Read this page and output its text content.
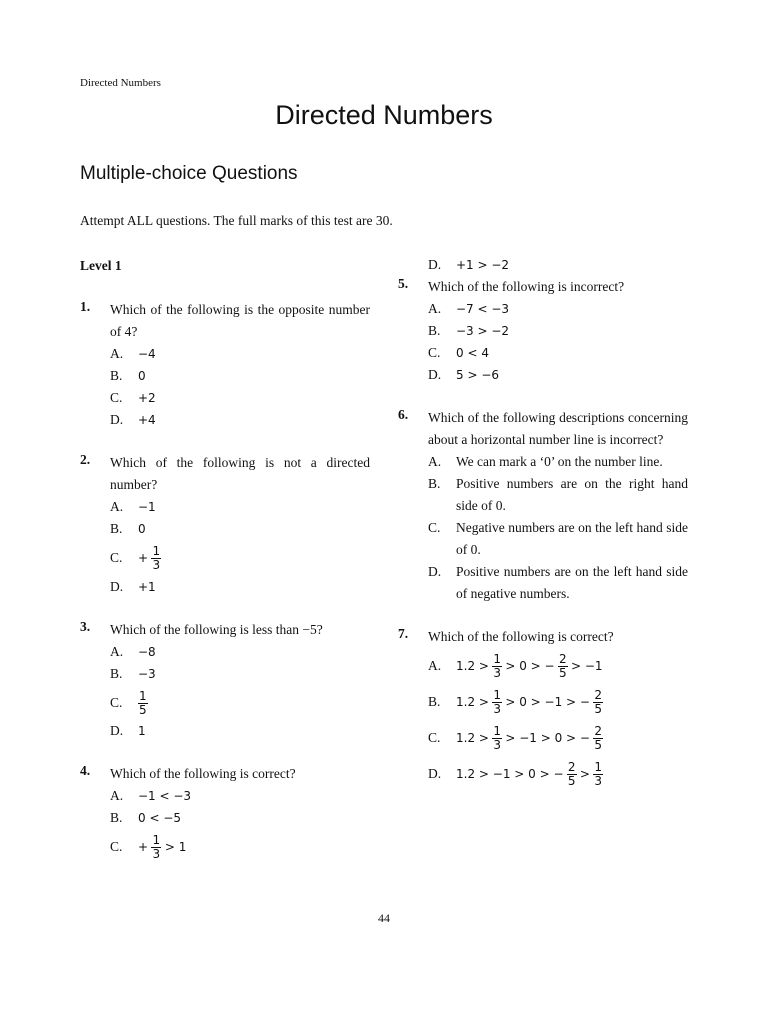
Directed Numbers
Directed Numbers
Multiple-choice Questions
Attempt ALL questions. The full marks of this test are 30.
Level 1
1. Which of the following is the opposite number of 4?
A. −4
B. 0
C. +2
D. +4
2. Which of the following is not a directed number?
A. −1
B. 0
C. + $\frac{1}{3}$
D. +1
3. Which of the following is less than −5?
A. −8
B. −3
C. $\frac{1}{5}$
D. 1
4. Which of the following is correct?
A. −1 < −3
B. 0 < −5
C. + $\frac{1}{3} > 1$
D. +1 > −2
5. Which of the following is incorrect?
A. −7 < −3
B. −3 > −2
C. 0 < 4
D. 5 > −6
6. Which of the following descriptions concerning about a horizontal number line is incorrect?
A. We can mark a ‘0’ on the number line.
B. Positive numbers are on the right hand side of 0.
C. Negative numbers are on the left hand side of 0.
D. Positive numbers are on the left hand side of negative numbers.
7. Which of the following is correct?
A. $1.2 > \frac{1}{3} > 0$ > − $\frac{2}{5} > -1$
B. $1.2 > \frac{1}{3} > 0 > -1$ > − $\frac{2}{5}$
C. $1.2 > \frac{1}{3} > -1 > 0$ > − $\frac{2}{5}$
D. 1.2 > −1 > 0 > − $\frac{2}{5} > \frac{1}{3}$
44
